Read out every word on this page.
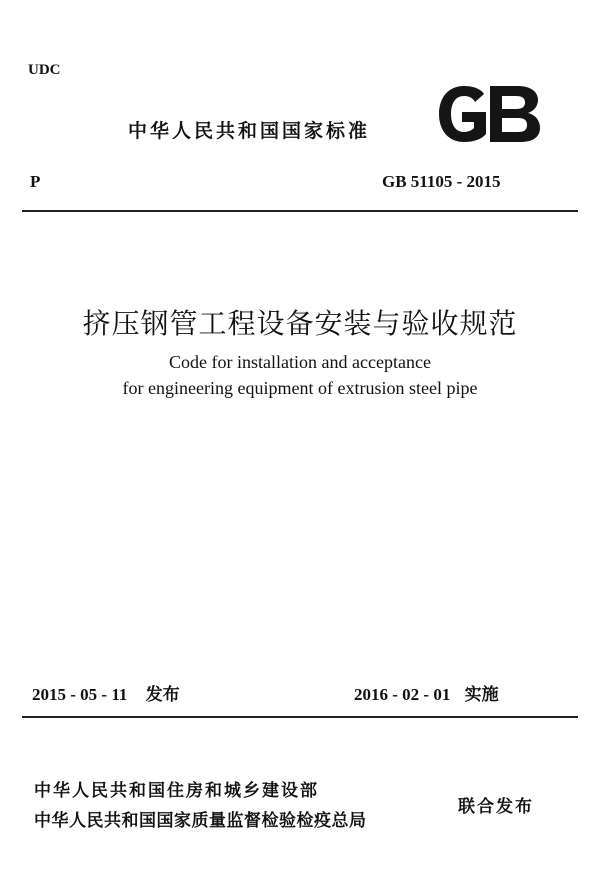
UDC
中华人民共和国国家标准
P	GB 51105 - 2015
挤压钢管工程设备安装与验收规范
Code for installation and acceptance
for engineering equipment of extrusion steel pipe
2015 - 05 - 11 发布	2016 - 02 - 01 实施
中华人民共和国住房和城乡建设部
中华人民共和国国家质量监督检验检疫总局
联合发布
